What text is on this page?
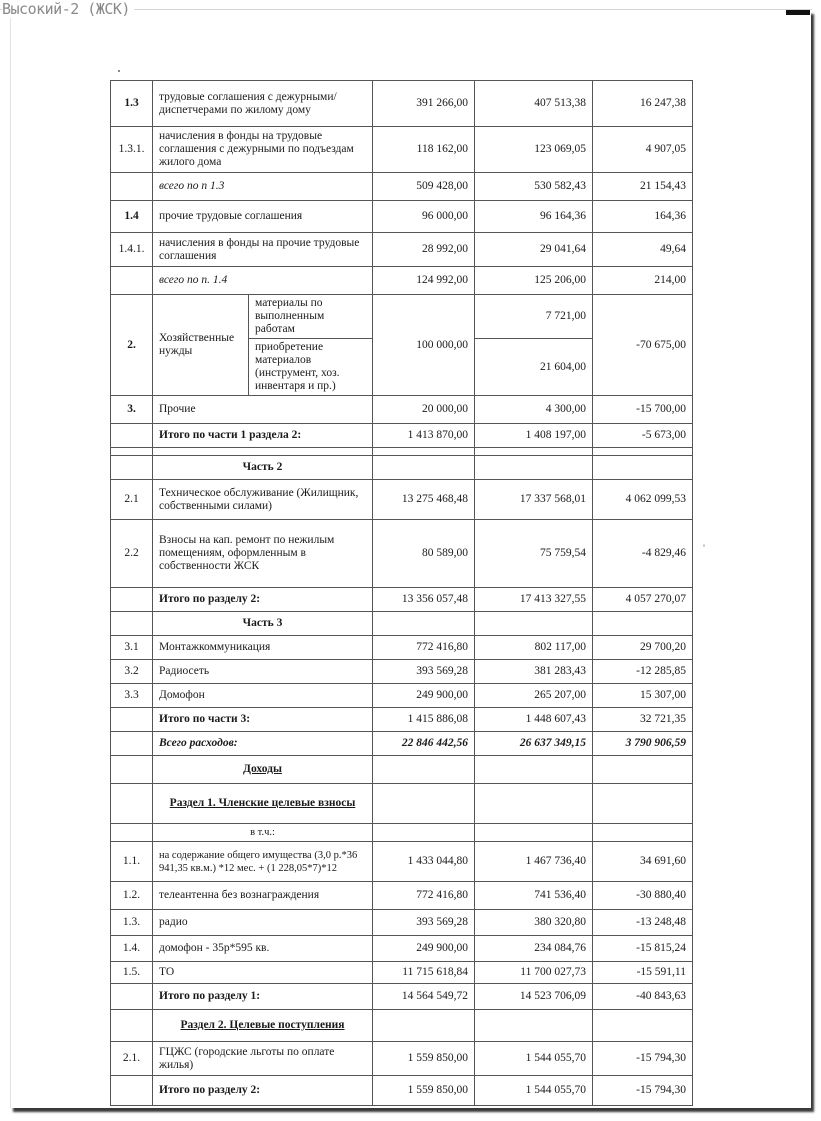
Высокий-2 (ЖСК)
ˌ
1.3	трудовые соглашения с дежурными/диспетчерами по жилому дому		391 266,00	407 513,38	16 247,38
1.3.1.	начисления в фонды на трудовые соглашения с дежурными по подъездам жилого дома		118 162,00	123 069,05	4 907,05
	всего по п 1.3		509 428,00	530 582,43	21 154,43
1.4	прочие трудовые соглашения		96 000,00	96 164,36	164,36
1.4.1.	начисления в фонды на прочие трудовые соглашения		28 992,00	29 041,64	49,64
	всего по п. 1.4		124 992,00	125 206,00	214,00
2.	Хозяйственные нужды	материалы по выполненным работам	100 000,00	7 721,00	-70 675,00
		приобретение материалов (инструмент, хоз. инвентаря и пр.)		21 604,00	
3.	Прочие		20 000,00	4 300,00	-15 700,00
	Итого по части 1 раздела 2:		1 413 870,00	1 408 197,00	-5 673,00

	Часть 2				
2.1	Техническое обслуживание (Жилищник, собственными силами)		13 275 468,48	17 337 568,01	4 062 099,53
2.2	Взносы на кап. ремонт по нежилым помещениям, оформленным в собственности ЖСК		80 589,00	75 759,54	-4 829,46
	Итого по разделу 2:		13 356 057,48	17 413 327,55	4 057 270,07
	Часть 3				
3.1	Монтажкоммуникация		772 416,80	802 117,00	29 700,20
3.2	Радиосеть		393 569,28	381 283,43	-12 285,85
3.3	Домофон		249 900,00	265 207,00	15 307,00
	Итого по части 3:		1 415 886,08	1 448 607,43	32 721,35
	Всего расходов:		22 846 442,56	26 637 349,15	3 790 906,59
	Доходы				
	Раздел 1. Членские целевые взносы				
	в т.ч.:				
1.1.	на содержание общего имущества (3,0 р.*36 941,35 кв.м.) *12 мес. + (1 228,05*7)*12		1 433 044,80	1 467 736,40	34 691,60
1.2.	телеантенна без вознаграждения		772 416,80	741 536,40	-30 880,40
1.3.	радио		393 569,28	380 320,80	-13 248,48
1.4.	домофон - 35р*595 кв.		249 900,00	234 084,76	-15 815,24
1.5.	ТО		11 715 618,84	11 700 027,73	-15 591,11
	Итого по разделу 1:		14 564 549,72	14 523 706,09	-40 843,63
	Раздел 2. Целевые поступления				
2.1.	ГЦЖС (городские льготы по оплате жилья)		1 559 850,00	1 544 055,70	-15 794,30
	Итого по разделу 2:		1 559 850,00	1 544 055,70	-15 794,30
